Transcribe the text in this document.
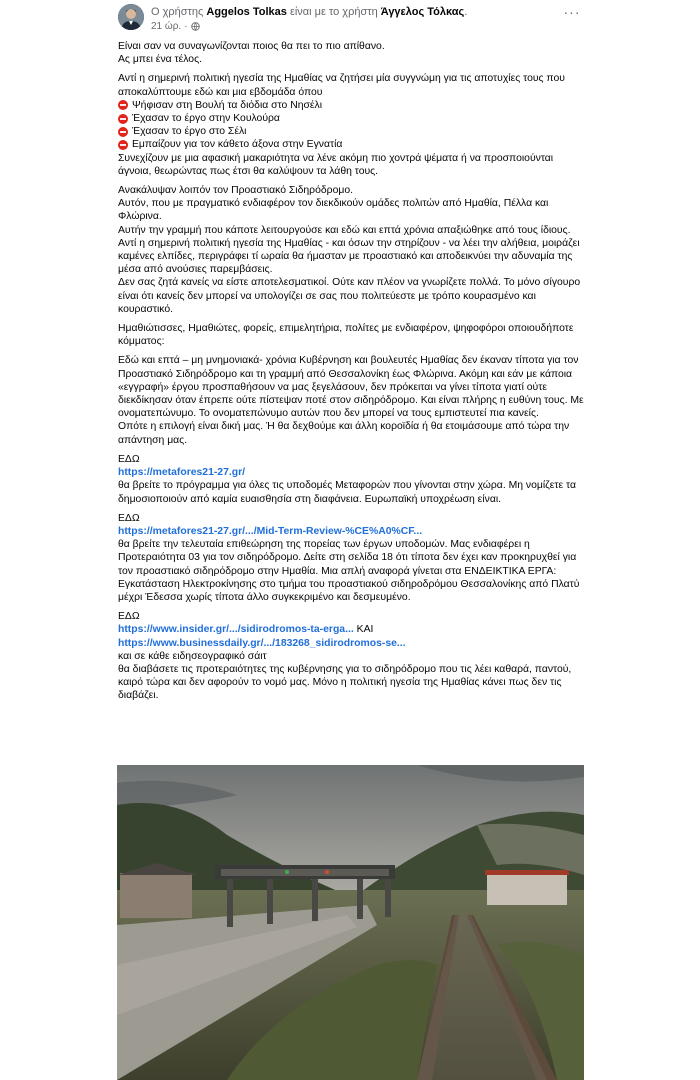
Ο χρήστης Aggelos Tolkas είναι με το χρήστη Άγγελος Τόλκας.
21 ώρ. ·
···

Είναι σαν να συναγωνίζονται ποιος θα πει το πιο απίθανο.
Ας μπει ένα τέλος.

Αντί η σημερινή πολιτική ηγεσία της Ημαθίας να ζητήσει μία συγγνώμη για τις αποτυχίες τους που αποκαλύπτουμε εδώ και μια εβδομάδα όπου
Ψήφισαν στη Βουλή τα διόδια στο Νησέλι
Έχασαν το έργο στην Κουλούρα
Έχασαν το έργο στο Σέλι
Εμπαίζουν για τον κάθετο άξονα στην Εγνατία
Συνεχίζουν με μια αφασική μακαριότητα να λένε ακόμη πιο χοντρά ψέματα ή να προσποιούνται άγνοια, θεωρώντας πως έτσι θα καλύψουν τα λάθη τους.

Ανακάλυψαν λοιπόν τον Προαστιακό Σιδηρόδρομο.
Αυτόν, που με πραγματικό ενδιαφέρον τον διεκδικούν ομάδες πολιτών από Ημαθία, Πέλλα και Φλώρινα.
Αυτήν την γραμμή που κάποτε λειτουργούσε και εδώ και επτά χρόνια απαξιώθηκε από τους ίδιους.
Αντί η σημερινή πολιτική ηγεσία της Ημαθίας - και όσων την στηρίζουν - να λέει την αλήθεια, μοιράζει καμένες ελπίδες, περιγράφει τί ωραία θα ήμασταν με προαστιακό και αποδεικνύει την αδυναμία της μέσα από ανούσιες παρεμβάσεις.
Δεν σας ζητά κανείς να είστε αποτελεσματικοί. Ούτε καν πλέον να γνωρίζετε πολλά. Το μόνο σίγουρο είναι ότι κανείς δεν μπορεί να υπολογίζει σε σας που πολιτεύεστε με τρόπο κουρασμένο και κουραστικό.

Ημαθιώτισσες, Ημαθιώτες, φορείς, επιμελητήρια, πολίτες με ενδιαφέρον, ψηφοφόροι οποιουδήποτε κόμματος:

Εδώ και επτά – μη μνημονιακά- χρόνια Κυβέρνηση και βουλευτές Ημαθίας δεν έκαναν τίποτα για τον Προαστιακό Σιδηρόδρομο και τη γραμμή από Θεσσαλονίκη έως Φλώρινα. Ακόμη και εάν με κάποια «εγγραφή» έργου προσπαθήσουν να μας ξεγελάσουν, δεν πρόκειται να γίνει τίποτα γιατί ούτε διεκδίκησαν όταν έπρεπε ούτε πίστεψαν ποτέ στον σιδηρόδρομο. Και είναι πλήρης η ευθύνη τους. Με ονοματεπώνυμο. Το ονοματεπώνυμο αυτών που δεν μπορεί να τους εμπιστευτεί πια κανείς.
Οπότε η επιλογή είναι δική μας. Ή θα δεχθούμε και άλλη κοροϊδία ή θα ετοιμάσουμε από τώρα την απάντηση μας.

ΕΔΩ
https://metafores21-27.gr/
θα βρείτε το πρόγραμμα για όλες τις υποδομές Μεταφορών που γίνονται στην χώρα. Μη νομίζετε τα δημοσιοποιούν από καμία ευαισθησία στη διαφάνεια. Ευρωπαϊκή υποχρέωση είναι.

ΕΔΩ
https://metafores21-27.gr/.../Mid-Term-Review-%CE%A0%CF...
θα βρείτε την τελευταία επιθεώρηση της πορείας των έργων υποδομών. Μας ενδιαφέρει η Προτεραιότητα 03 για τον σιδηρόδρομο. Δείτε στη σελίδα 18 ότι τίποτα δεν έχει καν προκηρυχθεί για τον προαστιακό σιδηρόδρομο στην Ημαθία. Μια απλή αναφορά γίνεται στα ΕΝΔΕΙΚΤΙΚΑ ΕΡΓΑ: Εγκατάσταση Ηλεκτροκίνησης στο τμήμα του προαστιακού σιδηροδρόμου Θεσσαλονίκης από Πλατύ μέχρι Έδεσσα χωρίς τίποτα άλλο συγκεκριμένο και δεσμευμένο.

ΕΔΩ
https://www.insider.gr/.../sidirodromos-ta-erga... ΚΑΙ
https://www.businessdaily.gr/.../183268_sidirodromos-se...
και σε κάθε ειδησεογραφικό σάιτ
θα διαβάσετε τις προτεραιότητες της κυβέρνησης για το σιδηρόδρομο που τις λέει καθαρά, παντού, καιρό τώρα και δεν αφορούν το νομό μας. Μόνο η πολιτική ηγεσία της Ημαθίας κάνει πως δεν τις διαβάζει.
